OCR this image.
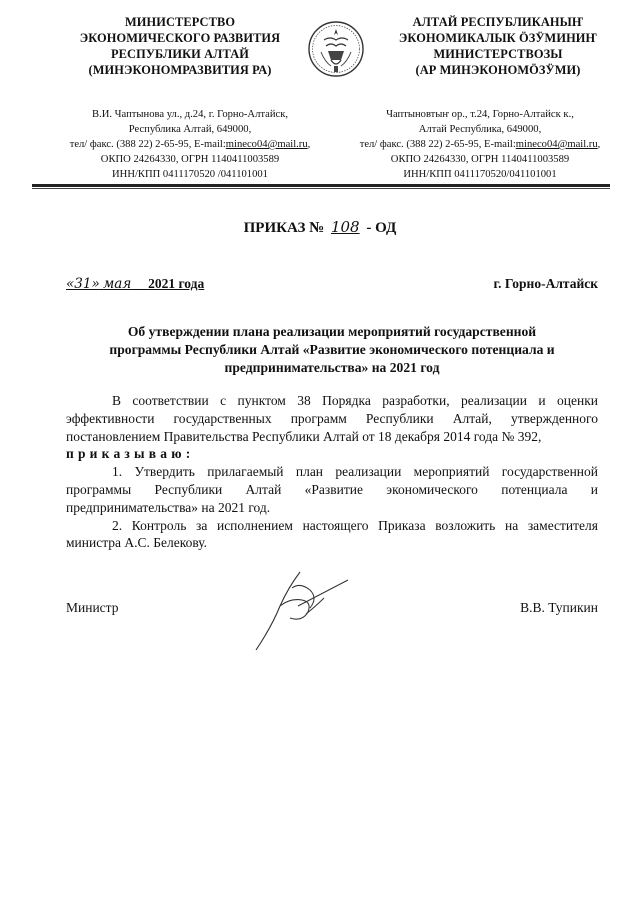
МИНИСТЕРСТВО
ЭКОНОМИЧЕСКОГО РАЗВИТИЯ
РЕСПУБЛИКИ АЛТАЙ
(МИНЭКОНОМРАЗВИТИЯ РА)
АЛТАЙ РЕСПУБЛИКАНЫҤ
ЭКОНОМИКАЛЫК ӦЗӰМИНИҤ
МИНИСТЕРСТВОЗЫ
(АР МИНЭКОНОМӦЗӰМИ)
В.И. Чаптынова ул., д.24, г. Горно-Алтайск,
Республика Алтай, 649000,
тел/ факс. (388 22) 2-65-95, E-mail:mineco04@mail.ru,
ОКПО 24264330, ОГРН 1140411003589
ИНН/КПП 0411170520 /041101001
Чаптыновтыҥ ор., т.24, Горно-Алтайск к.,
Алтай Республика, 649000,
тел/ факс. (388 22) 2-65-95, E-mail:mineco04@mail.ru,
ОКПО 24264330, ОГРН 1140411003589
ИНН/КПП 0411170520/041101001
ПРИКАЗ № 108 - ОД
«31» мая 2021 года	г. Горно-Алтайск
Об утверждении плана реализации мероприятий государственной
программы Республики Алтай «Развитие экономического потенциала и
предпринимательства» на 2021 год

В соответствии с пунктом 38 Порядка разработки, реализации и оценки эффективности государственных программ Республики Алтай, утвержденного постановлением Правительства Республики Алтай от 18 декабря 2014 года № 392,

приказываю:

1. Утвердить прилагаемый план реализации мероприятий государственной программы Республики Алтай «Развитие экономического потенциала и предпринимательства» на 2021 год.

2. Контроль за исполнением настоящего Приказа возложить на заместителя министра А.С. Белекову.

Министр	В.В. Тупикин
